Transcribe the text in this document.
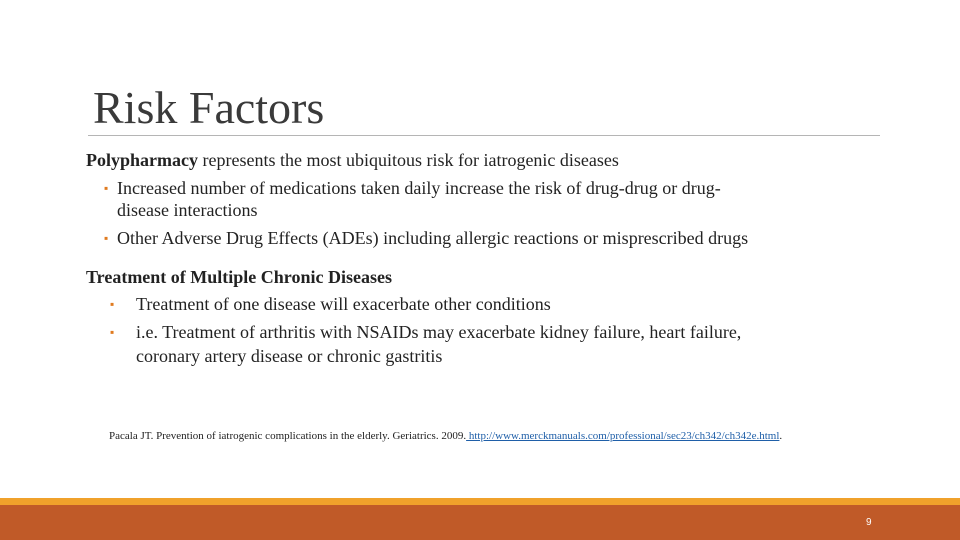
Risk Factors
Polypharmacy represents the most ubiquitous risk for iatrogenic diseases
▪ Increased number of medications taken daily increase the risk of drug-drug or drug-
disease interactions
▪ Other Adverse Drug Effects (ADEs) including allergic reactions or misprescribed drugs
Treatment of Multiple Chronic Diseases
▪ Treatment of one disease will exacerbate other conditions
▪ i.e. Treatment of arthritis with NSAIDs may exacerbate kidney failure, heart failure,
coronary artery disease or chronic gastritis
Pacala JT. Prevention of iatrogenic complications in the elderly. Geriatrics. 2009. http://www.merckmanuals.com/professional/sec23/ch342/ch342e.html.
9
